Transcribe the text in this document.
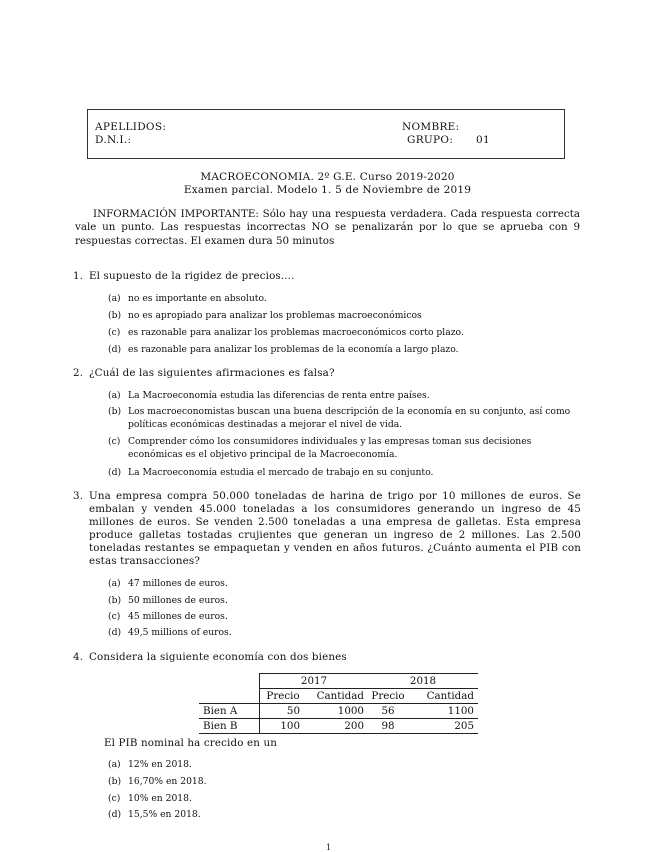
APELLIDOS:	NOMBRE:
D.N.I.:	GRUPO: 01
MACROECONOMIA. 2º G.E. Curso 2019-2020
Examen parcial. Modelo 1. 5 de Noviembre de 2019
INFORMACIÓN IMPORTANTE: Sólo hay una respuesta verdadera. Cada respuesta correcta vale un punto. Las respuestas incorrectas NO se penalizarán por lo que se aprueba con 9 respuestas correctas. El examen dura 50 minutos
1. El supuesto de la rigidez de precios....
(a) no es importante en absoluto.
(b) no es apropiado para analizar los problemas macroeconómicos
(c) es razonable para analizar los problemas macroeconómicos corto plazo.
(d) es razonable para analizar los problemas de la economía a largo plazo.
2. ¿Cuál de las siguientes afirmaciones es falsa?
(a) La Macroeconomía estudia las diferencias de renta entre países.
(b) Los macroeconomistas buscan una buena descripción de la economía en su conjunto, así como políticas económicas destinadas a mejorar el nivel de vida.
(c) Comprender cómo los consumidores individuales y las empresas toman sus decisiones económicas es el objetivo principal de la Macroeconomía.
(d) La Macroeconomía estudia el mercado de trabajo en su conjunto.
3. Una empresa compra 50.000 toneladas de harina de trigo por 10 millones de euros. Se embalan y venden 45.000 toneladas a los consumidores generando un ingreso de 45 millones de euros. Se venden 2.500 toneladas a una empresa de galletas. Esta empresa produce galletas tostadas crujientes que generan un ingreso de 2 millones. Las 2.500 toneladas restantes se empaquetan y venden en años futuros. ¿Cuánto aumenta el PIB con estas transacciones?
(a) 47 millones de euros.
(b) 50 millones de euros.
(c) 45 millones de euros.
(d) 49,5 millions of euros.
4. Considera la siguiente economía con dos bienes
	2017		2018	
	Precio	Cantidad	Precio	Cantidad
Bien A	50	1000	56	1100
Bien B	100	200	98	205
El PIB nominal ha crecido en un
(a) 12% en 2018.
(b) 16,70% en 2018.
(c) 10% en 2018.
(d) 15,5% en 2018.
1
